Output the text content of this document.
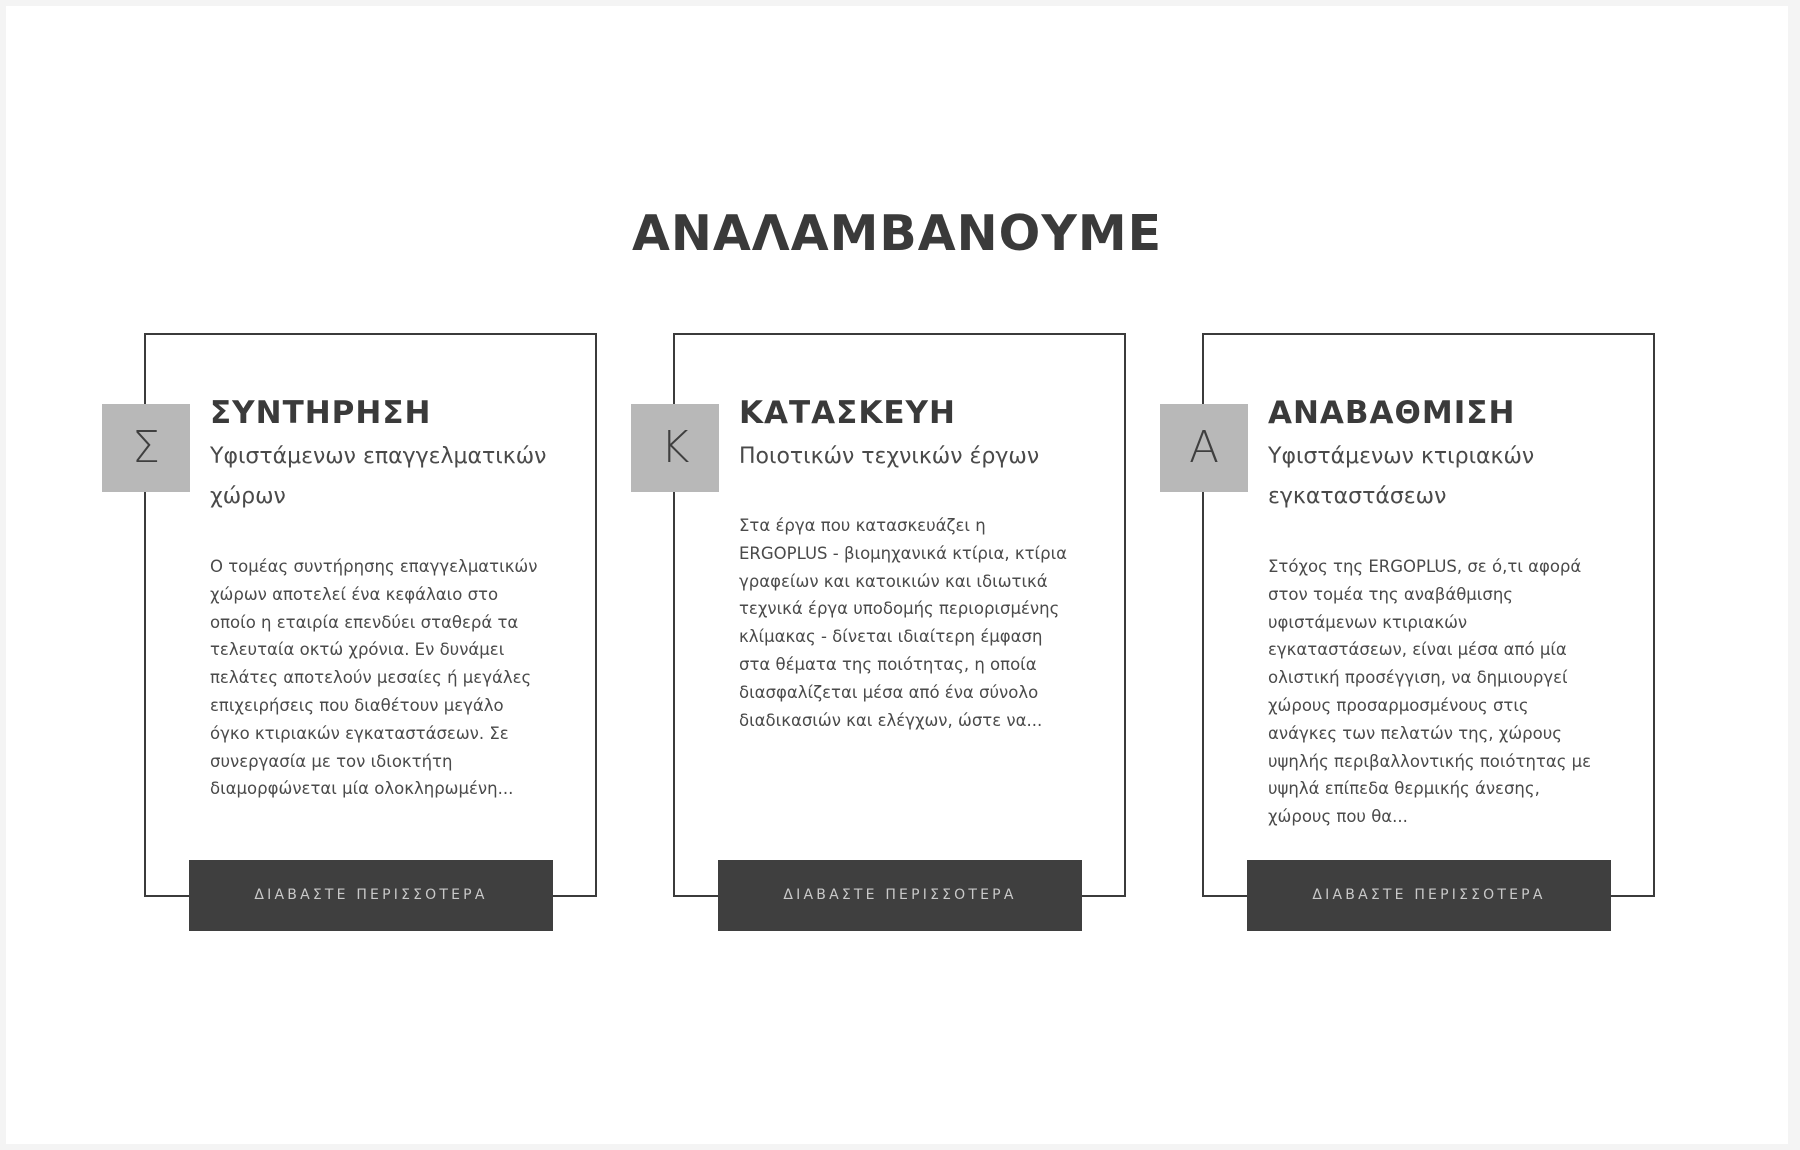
ΑΝΑΛΑΜΒΑΝΟΥΜΕ
Σ
ΣΥΝΤΗΡΗΣΗ
Υφιστάμενων επαγγελματικών χώρων
Ο τομέας συντήρησης επαγγελματικών χώρων αποτελεί ένα κεφάλαιο στο οποίο η εταιρία επενδύει σταθερά τα τελευταία οκτώ χρόνια. Εν δυνάμει πελάτες αποτελούν μεσαίες ή μεγάλες επιχειρήσεις που διαθέτουν μεγάλο όγκο κτιριακών εγκαταστάσεων. Σε συνεργασία με τον ιδιοκτήτη διαμορφώνεται μία ολοκληρωμένη...
ΔΙΑΒΑΣΤΕ ΠΕΡΙΣΣΟΤΕΡΑ
Κ
ΚΑΤΑΣΚΕΥΗ
Ποιοτικών τεχνικών έργων
Στα έργα που κατασκευάζει η ERGOPLUS - βιομηχανικά κτίρια, κτίρια γραφείων και κατοικιών και ιδιωτικά τεχνικά έργα υποδομής περιορισμένης κλίμακας - δίνεται ιδιαίτερη έμφαση στα θέματα της ποιότητας, η οποία διασφαλίζεται μέσα από ένα σύνολο διαδικασιών και ελέγχων, ώστε να...
ΔΙΑΒΑΣΤΕ ΠΕΡΙΣΣΟΤΕΡΑ
Α
ΑΝΑΒΑΘΜΙΣΗ
Υφιστάμενων κτιριακών εγκαταστάσεων
Στόχος της ERGOPLUS, σε ό,τι αφορά στον τομέα της αναβάθμισης υφιστάμενων κτιριακών εγκαταστάσεων, είναι μέσα από μία ολιστική προσέγγιση, να δημιουργεί χώρους προσαρμοσμένους στις ανάγκες των πελατών της, χώρους υψηλής περιβαλλοντικής ποιότητας με υψηλά επίπεδα θερμικής άνεσης, χώρους που θα...
ΔΙΑΒΑΣΤΕ ΠΕΡΙΣΣΟΤΕΡΑ
